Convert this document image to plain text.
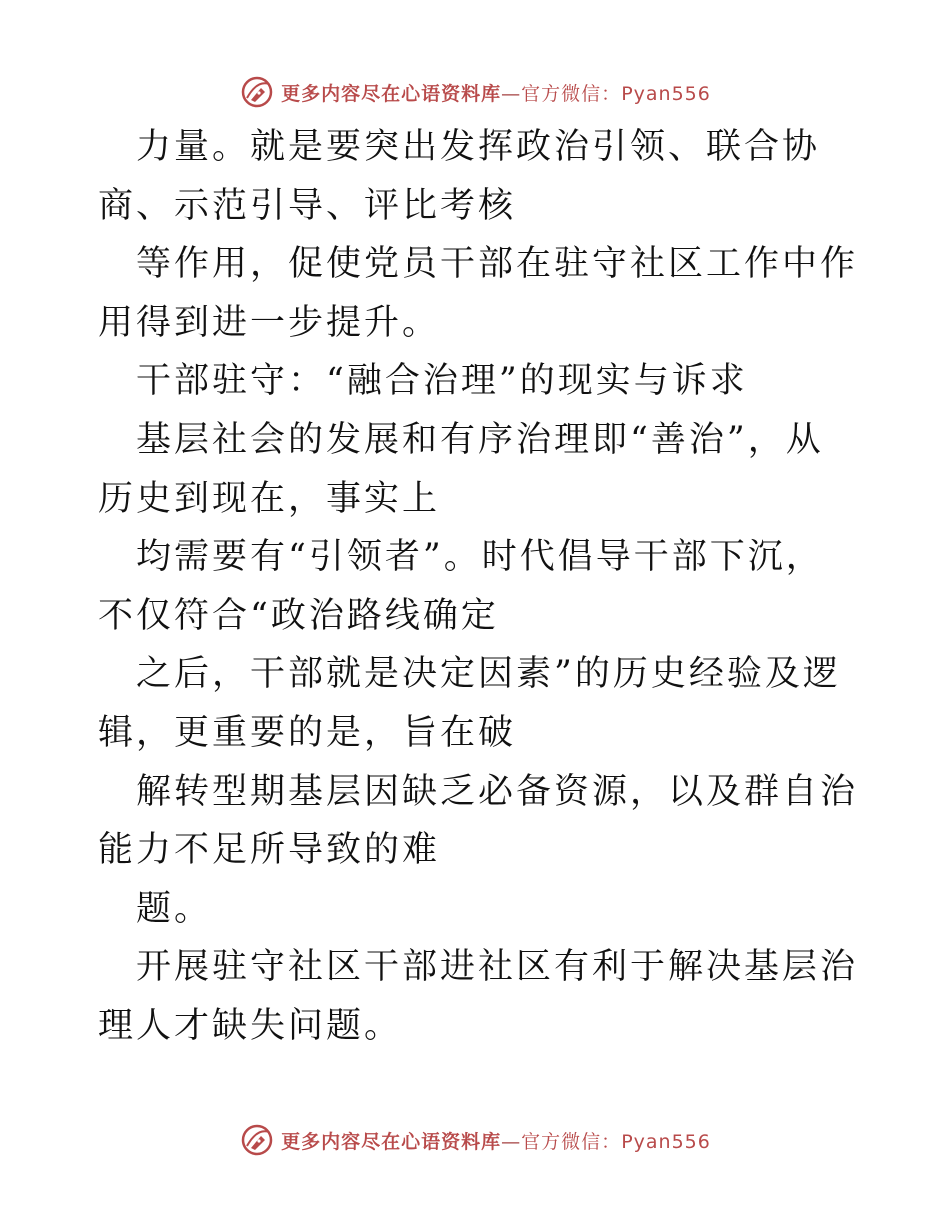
更多内容尽在心语资料库—官方微信：Pyan556

力量。就是要突出发挥政治引领、联合协商、示范引导、评比考核

等作用，促使党员干部在驻守社区工作中作用得到进一步提升。

干部驻守：“融合治理”的现实与诉求

基层社会的发展和有序治理即“善治”，从历史到现在，事实上

均需要有“引领者”。时代倡导干部下沉，不仅符合“政治路线确定

之后，干部就是决定因素”的历史经验及逻辑，更重要的是，旨在破

解转型期基层因缺乏必备资源，以及群自治能力不足所导致的难

题。

开展驻守社区干部进社区有利于解决基层治理人才缺失问题。

更多内容尽在心语资料库—官方微信：Pyan556
